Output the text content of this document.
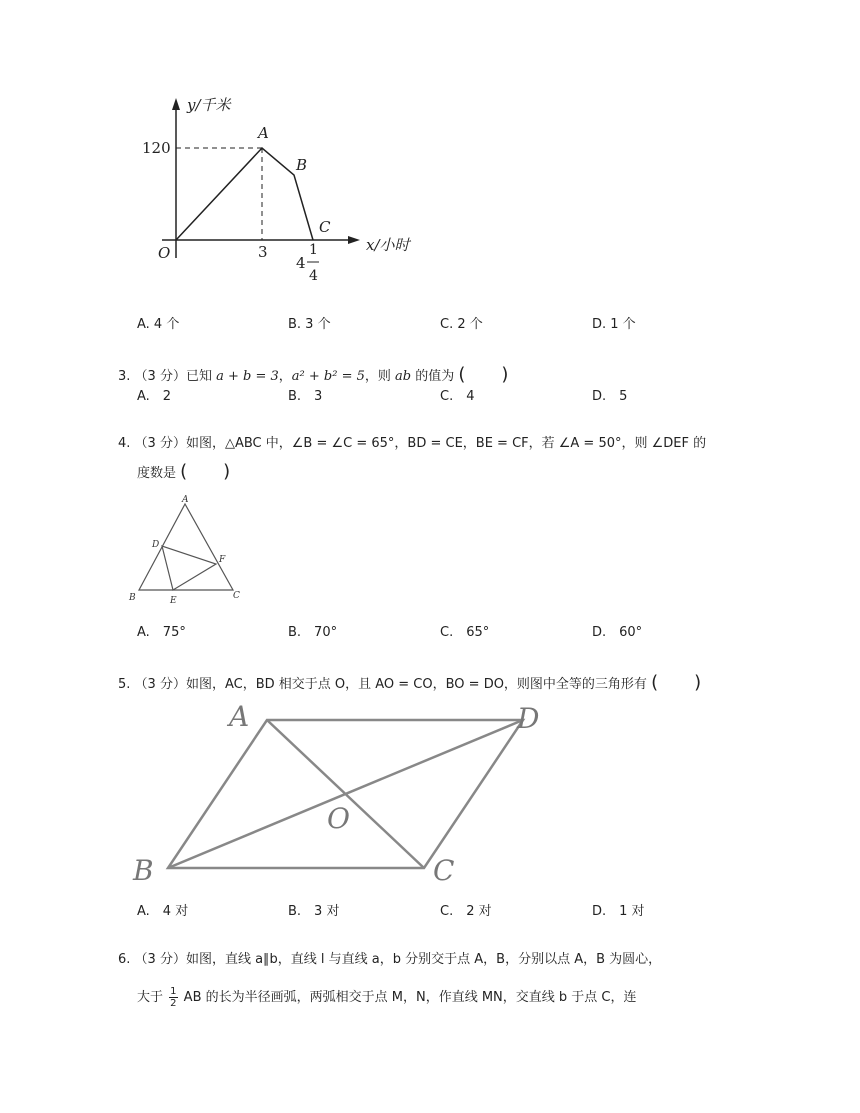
y/千米
120
O
A
B
C
3
4
1
4
x/小时
A. 4 个	B. 3 个	C. 2 个	D. 1 个
3. （3 分）已知 a + b = 3，a² + b² = 5，则 ab 的值为 (　　)
A.　2	B.　3	C.　4	D.　5
4. （3 分）如图，△ABC 中，∠B = ∠C = 65°，BD = CE，BE = CF，若 ∠A = 50°，则 ∠DEF 的
度数是 (　　)
A
B	C
D
E
F
A.　75°	B.　70°	C.　65°	D.　60°
5. （3 分）如图，AC，BD 相交于点 O，且 AO = CO，BO = DO，则图中全等的三角形有 (　　)
A	D
O
B	C
A.　4 对	B.　3 对	C.　2 对	D.　1 对
6. （3 分）如图，直线 a∥b，直线 l 与直线 a，b 分别交于点 A，B，分别以点 A，B 为圆心，
大于 $\frac{1}{2}$ AB 的长为半径画弧，两弧相交于点 M，N，作直线 MN，交直线 b 于点 C，连
